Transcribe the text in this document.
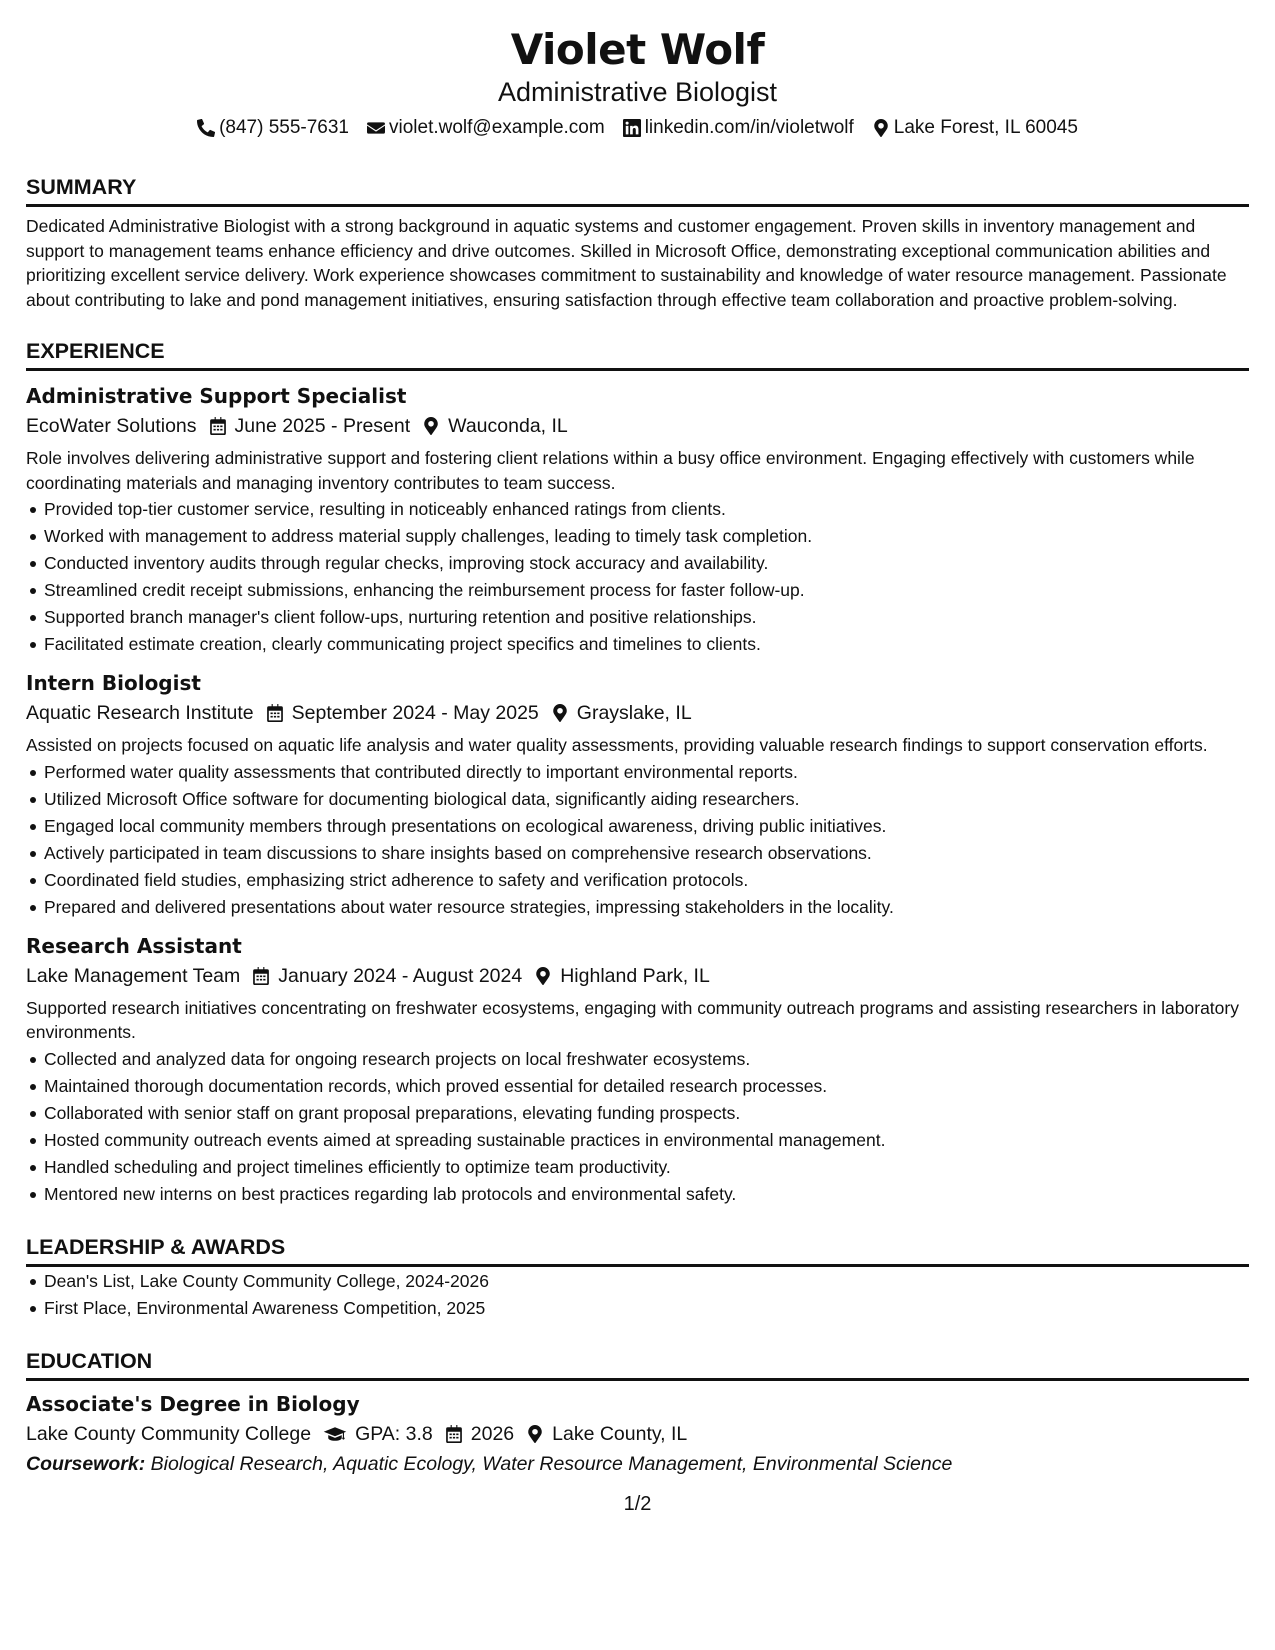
Violet Wolf
Administrative Biologist
(847) 555-7631 violet.wolf@example.com linkedin.com/in/violetwolf Lake Forest, IL 60045
SUMMARY

Dedicated Administrative Biologist with a strong background in aquatic systems and customer engagement. Proven skills in inventory management and support to management teams enhance efficiency and drive outcomes. Skilled in Microsoft Office, demonstrating exceptional communication abilities and prioritizing excellent service delivery. Work experience showcases commitment to sustainability and knowledge of water resource management. Passionate about contributing to lake and pond management initiatives, ensuring satisfaction through effective team collaboration and proactive problem-solving.

EXPERIENCE
Administrative Support Specialist
EcoWater Solutions June 2025 - Present Wauconda, IL

Role involves delivering administrative support and fostering client relations within a busy office environment. Engaging effectively with customers while coordinating materials and managing inventory contributes to team success.

Provided top-tier customer service, resulting in noticeably enhanced ratings from clients.
Worked with management to address material supply challenges, leading to timely task completion.
Conducted inventory audits through regular checks, improving stock accuracy and availability.
Streamlined credit receipt submissions, enhancing the reimbursement process for faster follow-up.
Supported branch manager's client follow-ups, nurturing retention and positive relationships.
Facilitated estimate creation, clearly communicating project specifics and timelines to clients.
Intern Biologist
Aquatic Research Institute September 2024 - May 2025 Grayslake, IL

Assisted on projects focused on aquatic life analysis and water quality assessments, providing valuable research findings to support conservation efforts.

Performed water quality assessments that contributed directly to important environmental reports.
Utilized Microsoft Office software for documenting biological data, significantly aiding researchers.
Engaged local community members through presentations on ecological awareness, driving public initiatives.
Actively participated in team discussions to share insights based on comprehensive research observations.
Coordinated field studies, emphasizing strict adherence to safety and verification protocols.
Prepared and delivered presentations about water resource strategies, impressing stakeholders in the locality.
Research Assistant
Lake Management Team January 2024 - August 2024 Highland Park, IL

Supported research initiatives concentrating on freshwater ecosystems, engaging with community outreach programs and assisting researchers in laboratory environments.

Collected and analyzed data for ongoing research projects on local freshwater ecosystems.
Maintained thorough documentation records, which proved essential for detailed research processes.
Collaborated with senior staff on grant proposal preparations, elevating funding prospects.
Hosted community outreach events aimed at spreading sustainable practices in environmental management.
Handled scheduling and project timelines efficiently to optimize team productivity.
Mentored new interns on best practices regarding lab protocols and environmental safety.
LEADERSHIP & AWARDS
Dean's List, Lake County Community College, 2024-2026
First Place, Environmental Awareness Competition, 2025
EDUCATION
Associate's Degree in Biology
Lake County Community College GPA: 3.8 2026 Lake County, IL
Coursework: Biological Research, Aquatic Ecology, Water Resource Management, Environmental Science
1/2
